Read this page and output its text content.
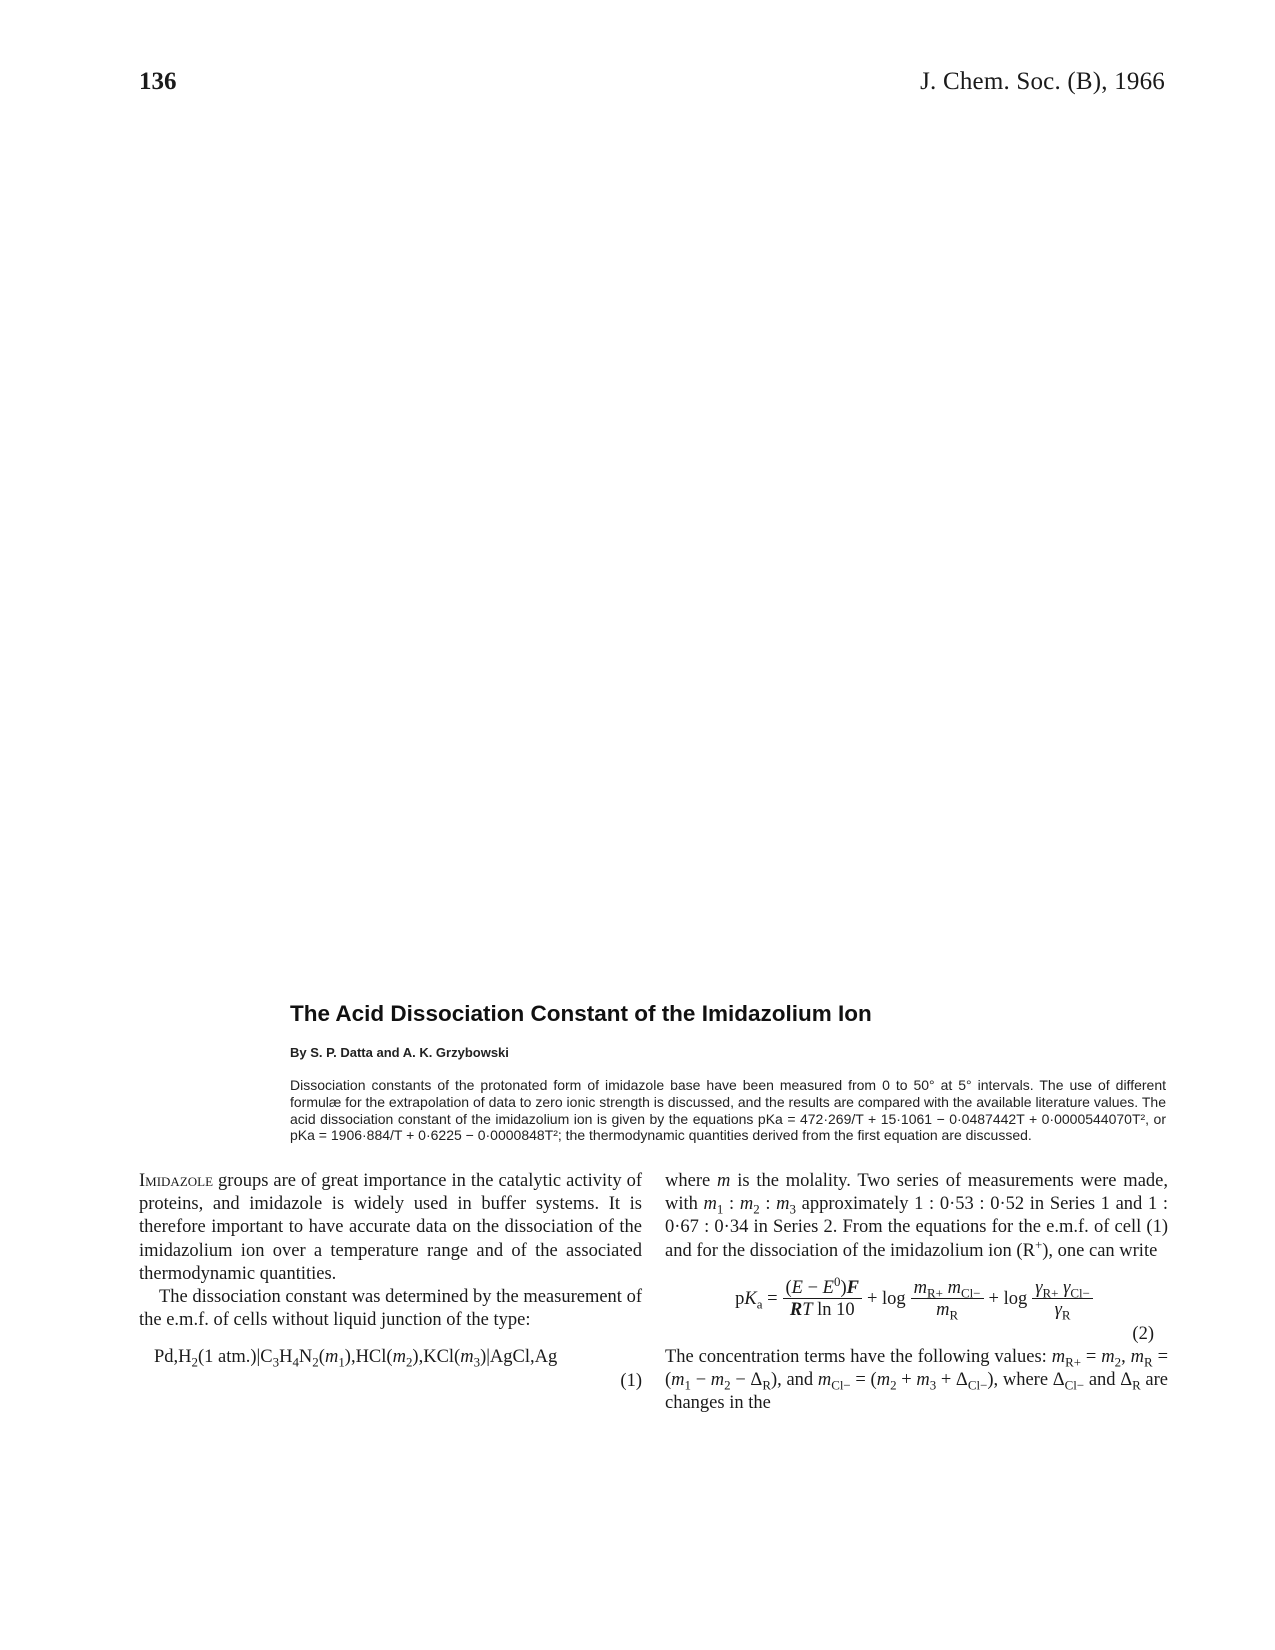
136	J. Chem. Soc. (B), 1966
The Acid Dissociation Constant of the Imidazolium Ion
By S. P. Datta and A. K. Grzybowski
Dissociation constants of the protonated form of imidazole base have been measured from 0 to 50° at 5° intervals. The use of different formulæ for the extrapolation of data to zero ionic strength is discussed, and the results are compared with the available literature values. The acid dissociation constant of the imidazolium ion is given by the equations pKa = 472·269/T + 15·1061 − 0·0487442T + 0·0000544070T², or pKa = 1906·884/T + 0·6225 − 0·0000848T²; the thermodynamic quantities derived from the first equation are discussed.

Imidazole groups are of great importance in the catalytic activity of proteins, and imidazole is widely used in buffer systems. It is therefore important to have accurate data on the dissociation of the imidazolium ion over a temperature range and of the associated thermodynamic quantities.

The dissociation constant was determined by the measurement of the e.m.f. of cells without liquid junction of the type:

$Pd,H_2(1$ $atm.)|C_3H_4N_2(m_1),HCl(m_2),KCl(m_3)|AgCl,Ag$
(1)

where m is the molality. Two series of measurements were made, with $m_1$ : $m_2$ : $m_3$ approximately 1 : 0·53 : 0·52 in Series 1 and 1 : 0·67 : 0·34 in Series 2. From the equations for the e.m.f. of cell (1) and for the dissociation of the imidazolium ion (R+), one can write

$pK_a = \frac{(E - E^0)F}{\text{RT ln 10}} + \log \frac{m_{R+} m_{Cl-}}{m_R} + \log \frac{\gamma_{R+} \gamma_{Cl-}}{\gamma_R}$
(2)

The concentration terms have the following values: $m_{R+} = m_2$, $m_R = (m_1 - m_2 - \Delta_R)$, and $m_{Cl-} = (m_2 + m_3 + \Delta_{Cl-})$, where $\Delta_{Cl-}$ and $\Delta_R$ are changes in the
